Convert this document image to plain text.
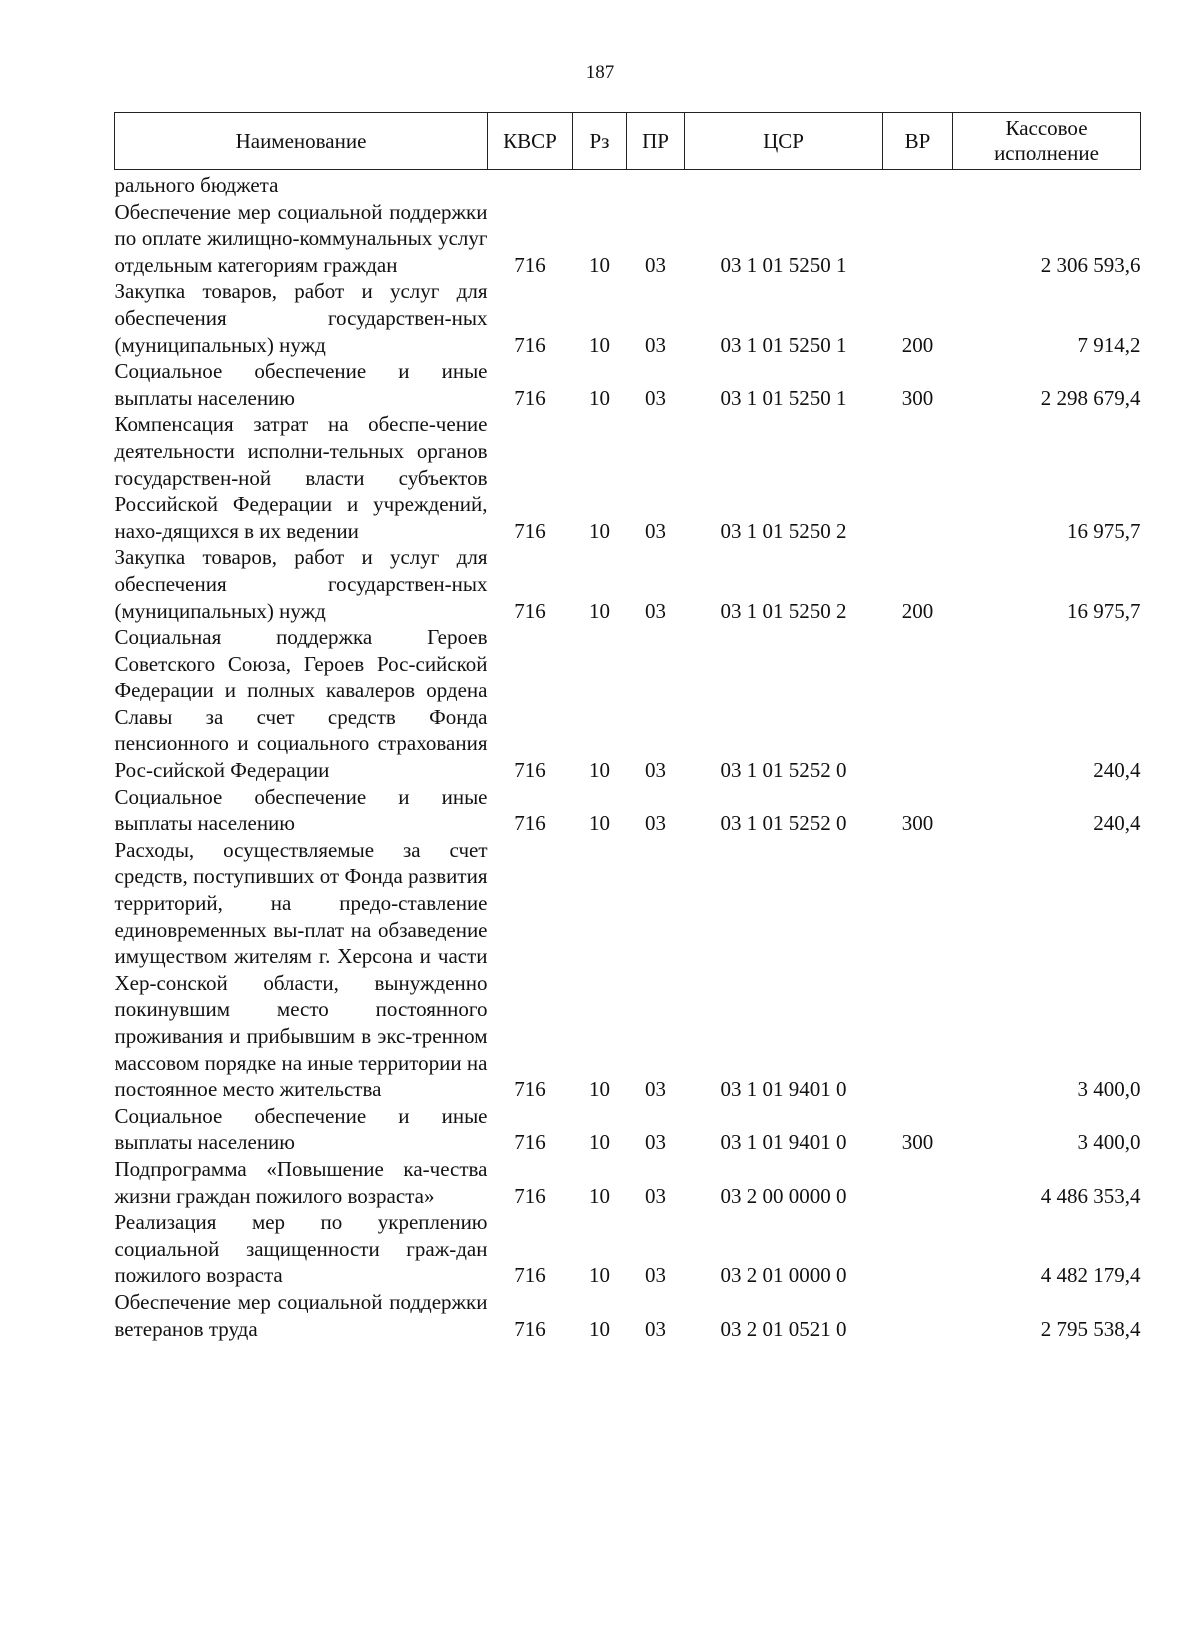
187
Наименование	КВСР	Рз	ПР	ЦСР	ВР	Кассовое исполнение
рального бюджета						
Обеспечение мер социальной поддержки по оплате жилищно-коммунальных услуг отдельным категориям граждан	716	10	03	03 1 01 5250 1		2 306 593,6
Закупка товаров, работ и услуг для обеспечения государствен-ных (муниципальных) нужд	716	10	03	03 1 01 5250 1	200	7 914,2
Социальное обеспечение и иные выплаты населению	716	10	03	03 1 01 5250 1	300	2 298 679,4
Компенсация затрат на обеспе-чение деятельности исполни-тельных органов государствен-ной власти субъектов Российской Федерации и учреждений, нахо-дящихся в их ведении	716	10	03	03 1 01 5250 2		16 975,7
Закупка товаров, работ и услуг для обеспечения государствен-ных (муниципальных) нужд	716	10	03	03 1 01 5250 2	200	16 975,7
Социальная поддержка Героев Советского Союза, Героев Рос-сийской Федерации и полных кавалеров ордена Славы за счет средств Фонда пенсионного и социального страхования Рос-сийской Федерации	716	10	03	03 1 01 5252 0		240,4
Социальное обеспечение и иные выплаты населению	716	10	03	03 1 01 5252 0	300	240,4
Расходы, осуществляемые за счет средств, поступивших от Фонда развития территорий, на предо-ставление единовременных вы-плат на обзаведение имуществом жителям г. Херсона и части Хер-сонской области, вынужденно покинувшим место постоянного проживания и прибывшим в экс-тренном массовом порядке на иные территории на постоянное место жительства	716	10	03	03 1 01 9401 0		3 400,0
Социальное обеспечение и иные выплаты населению	716	10	03	03 1 01 9401 0	300	3 400,0
Подпрограмма «Повышение ка-чества жизни граждан пожилого возраста»	716	10	03	03 2 00 0000 0		4 486 353,4
Реализация мер по укреплению социальной защищенности граж-дан пожилого возраста	716	10	03	03 2 01 0000 0		4 482 179,4
Обеспечение мер социальной поддержки ветеранов труда	716	10	03	03 2 01 0521 0		2 795 538,4
